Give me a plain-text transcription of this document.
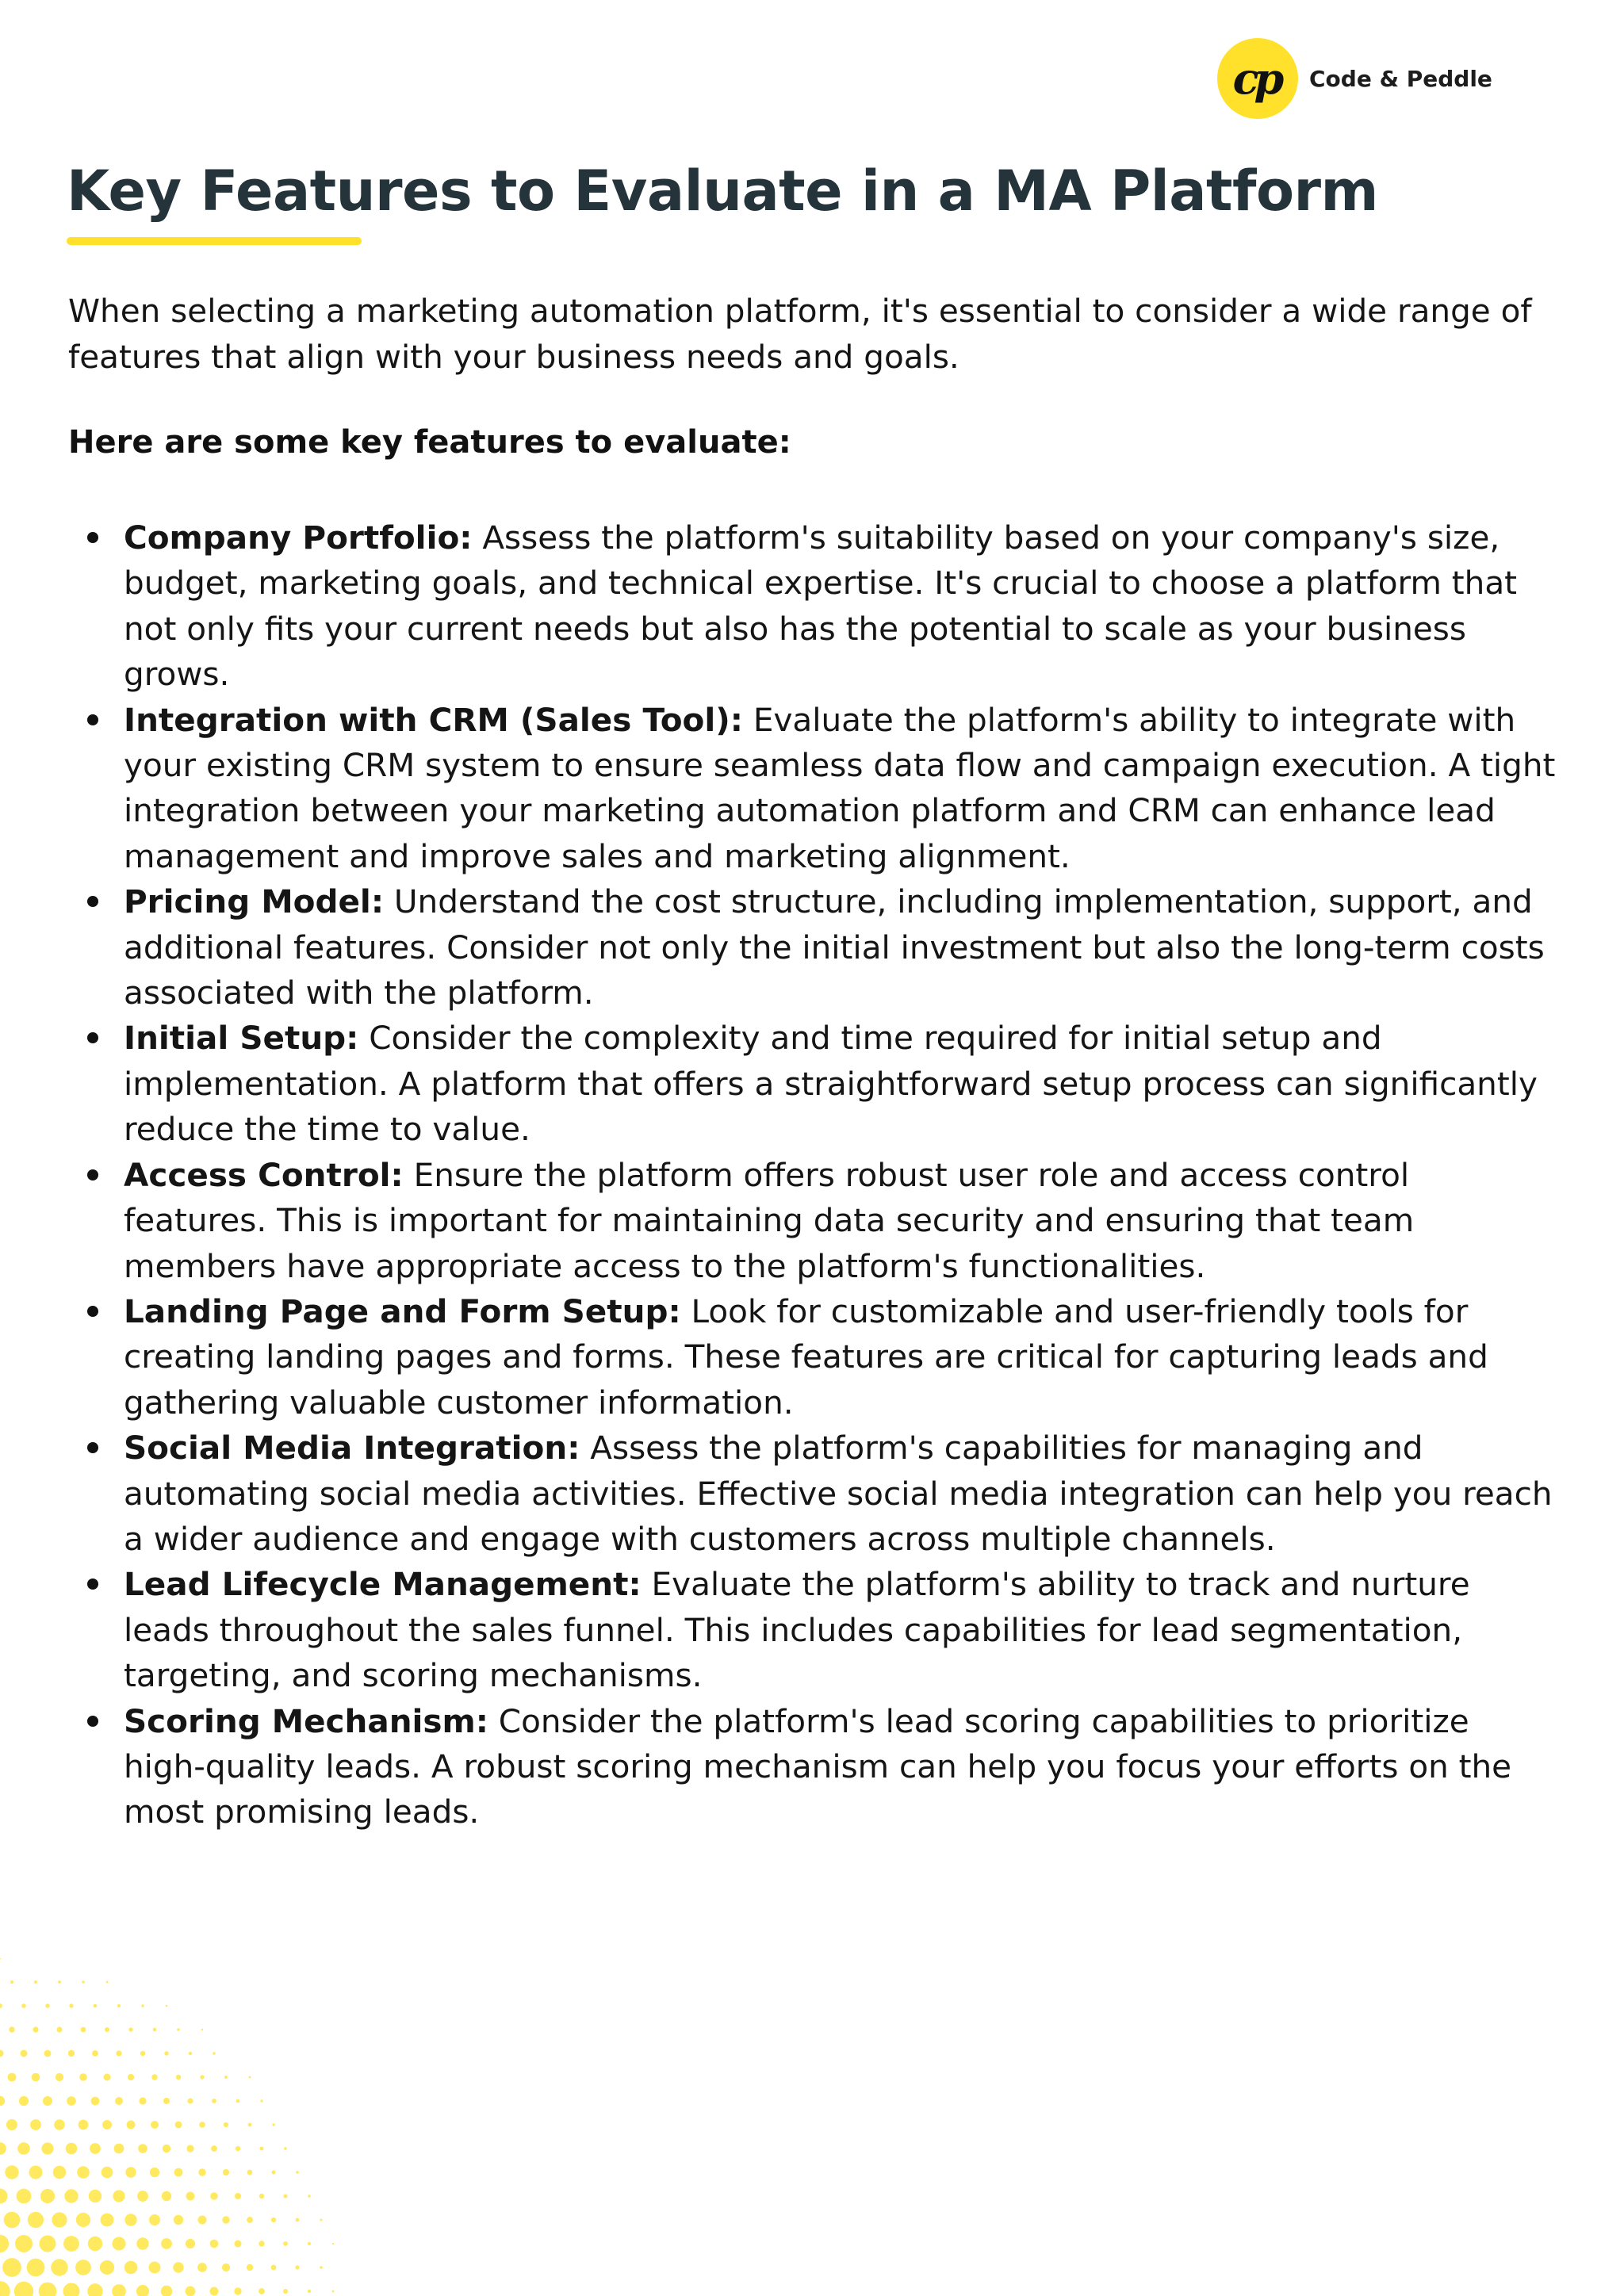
cp Code & Peddle
Key Features to Evaluate in a MA Platform

When selecting a marketing automation platform, it's essential to consider a wide range of features that align with your business needs and goals.

Here are some key features to evaluate:

Company Portfolio: Assess the platform's suitability based on your company's size, budget, marketing goals, and technical expertise. It's crucial to choose a platform that not only fits your current needs but also has the potential to scale as your business grows.
Integration with CRM (Sales Tool): Evaluate the platform's ability to integrate with your existing CRM system to ensure seamless data flow and campaign execution. A tight integration between your marketing automation platform and CRM can enhance lead management and improve sales and marketing alignment.
Pricing Model: Understand the cost structure, including implementation, support, and additional features. Consider not only the initial investment but also the long-term costs associated with the platform.
Initial Setup: Consider the complexity and time required for initial setup and implementation. A platform that offers a straightforward setup process can significantly reduce the time to value.
Access Control: Ensure the platform offers robust user role and access control features. This is important for maintaining data security and ensuring that team members have appropriate access to the platform's functionalities.
Landing Page and Form Setup: Look for customizable and user-friendly tools for creating landing pages and forms. These features are critical for capturing leads and gathering valuable customer information.
Social Media Integration: Assess the platform's capabilities for managing and automating social media activities. Effective social media integration can help you reach a wider audience and engage with customers across multiple channels.
Lead Lifecycle Management: Evaluate the platform's ability to track and nurture leads throughout the sales funnel. This includes capabilities for lead segmentation, targeting, and scoring mechanisms.
Scoring Mechanism: Consider the platform's lead scoring capabilities to prioritize high-quality leads. A robust scoring mechanism can help you focus your efforts on the most promising leads.
